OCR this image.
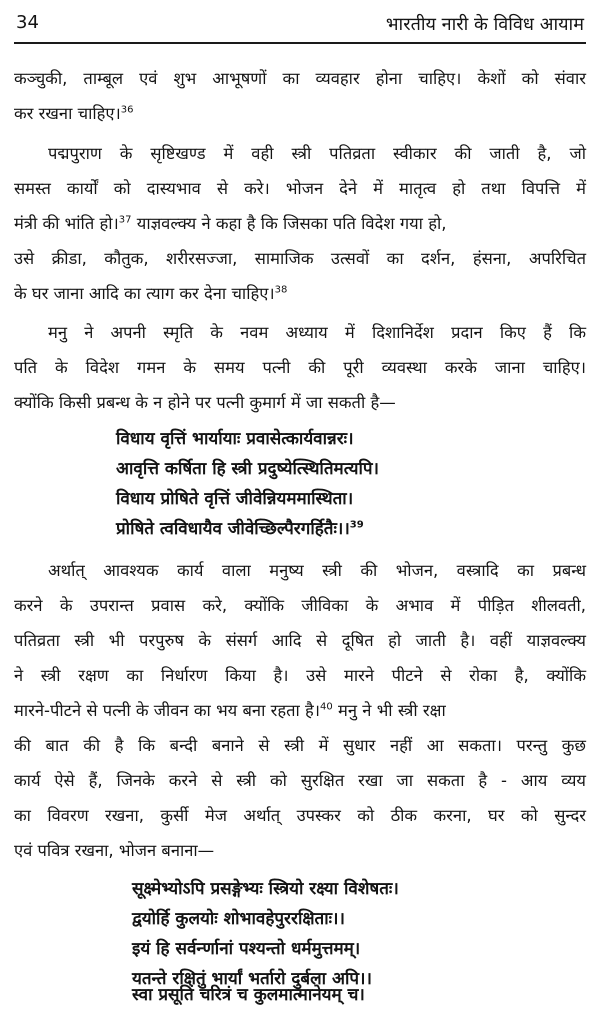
34	भारतीय नारी के विविध आयाम
कञ्चुकी, ताम्बूल एवं शुभ आभूषणों का व्यवहार होना चाहिए। केशों को संवार
कर रखना चाहिए।$^{36}$
पद्मपुराण के सृष्टिखण्ड में वही स्त्री पतिव्रता स्वीकार की जाती है, जो
समस्त कार्यों को दास्यभाव से करे। भोजन देने में मातृत्व हो तथा विपत्ति में
मंत्री की भांति हो।$^{37}$ याज्ञवल्क्य ने कहा है कि जिसका पति विदेश गया हो,
उसे क्रीडा, कौतुक, शरीरसज्जा, सामाजिक उत्सवों का दर्शन, हंसना, अपरिचित
के घर जाना आदि का त्याग कर देना चाहिए।$^{38}$
मनु ने अपनी स्मृति के नवम अध्याय में दिशानिर्देश प्रदान किए हैं कि
पति के विदेश गमन के समय पत्नी की पूरी व्यवस्था करके जाना चाहिए।
क्योंकि किसी प्रबन्ध के न होने पर पत्नी कुमार्ग में जा सकती है—
विधाय वृत्तिं भार्यायाः प्रवासेत्कार्यवान्नरः।
आवृत्ति कर्षिता हि स्त्री प्रदुष्येत्स्थितिमत्यपि।
विधाय प्रोषिते वृत्तिं जीवेन्नियममास्थिता।
प्रोषिते त्वविधायैव जीवेच्छिल्पैरगर्हितैः।।$^{39}$
अर्थात् आवश्यक कार्य वाला मनुष्य स्त्री की भोजन, वस्त्रादि का प्रबन्ध
करने के उपरान्त प्रवास करे, क्योंकि जीविका के अभाव में पीड़ित शीलवती,
पतिव्रता स्त्री भी परपुरुष के संसर्ग आदि से दूषित हो जाती है। वहीं याज्ञवल्क्य
ने स्त्री रक्षण का निर्धारण किया है। उसे मारने पीटने से रोका है, क्योंकि
मारने-पीटने से पत्नी के जीवन का भय बना रहता है।$^{40}$ मनु ने भी स्त्री रक्षा
की बात की है कि बन्दी बनाने से स्त्री में सुधार नहीं आ सकता। परन्तु कुछ
कार्य ऐसे हैं, जिनके करने से स्त्री को सुरक्षित रखा जा सकता है - आय व्यय
का विवरण रखना, कुर्सी मेज अर्थात् उपस्कर को ठीक करना, घर को सुन्दर
एवं पवित्र रखना, भोजन बनाना—
सूक्ष्मेभ्योऽपि प्रसङ्गेभ्यः स्त्रियो रक्ष्या विशेषतः।
द्वयोर्हि कुलयोः शोभावहेपुररक्षिताः।।
इयं हि सर्वर्न्णानां पश्यन्तो धर्ममुत्तमम्।
यतन्ते रक्षितुं भार्यां भर्तारो दुर्बला अपि।।
स्वा प्रसूतिं चरित्रं च कुलमात्मानेयम् च।
